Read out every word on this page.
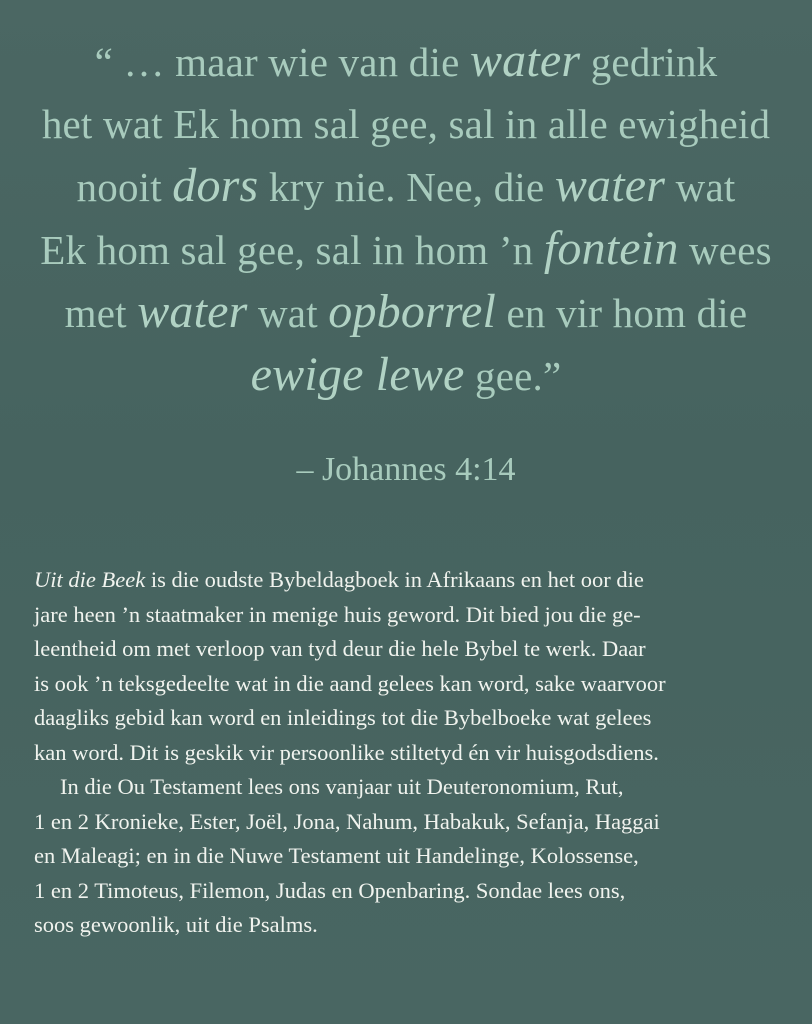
“ … maar wie van die water gedrink
het wat Ek hom sal gee, sal in alle ewigheid
nooit dors kry nie. Nee, die water wat
Ek hom sal gee, sal in hom ’n fontein wees
met water wat opborrel en vir hom die
ewige lewe gee.”
– Johannes 4:14
Uit die Beek is die oudste Bybeldagboek in Afrikaans en het oor die
jare heen ’n staatmaker in menige huis geword. Dit bied jou die ge-
leentheid om met verloop van tyd deur die hele Bybel te werk. Daar
is ook ’n teksgedeelte wat in die aand gelees kan word, sake waarvoor
daagliks gebid kan word en inleidings tot die Bybelboeke wat gelees
kan word. Dit is geskik vir persoonlike stiltetyd én vir huisgodsdiens.
In die Ou Testament lees ons vanjaar uit Deuteronomium, Rut,
1 en 2 Kronieke, Ester, Joël, Jona, Nahum, Habakuk, Sefanja, Haggai
en Maleagi; en in die Nuwe Testament uit Handelinge, Kolossense,
1 en 2 Timoteus, Filemon, Judas en Openbaring. Sondae lees ons,
soos gewoonlik, uit die Psalms.
